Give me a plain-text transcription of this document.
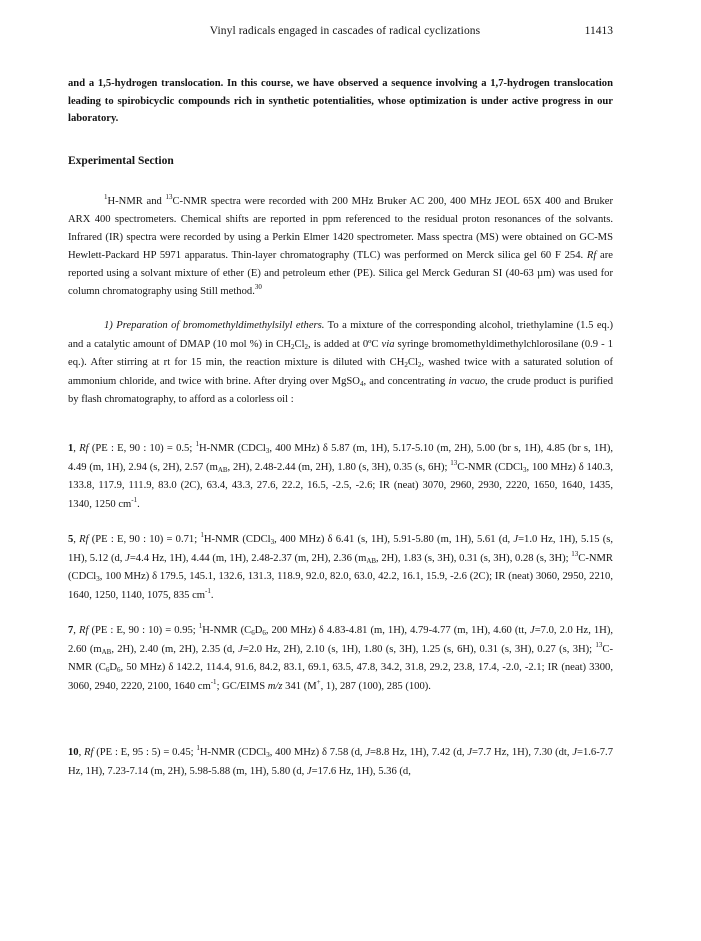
Vinyl radicals engaged in cascades of radical cyclizations	11413

and a 1,5-hydrogen translocation. In this course, we have observed a sequence involving a 1,7-hydrogen translocation leading to spirobicyclic compounds rich in synthetic potentialities, whose optimization is under active progress in our laboratory.

Experimental Section

$^1$H-NMR and $^{13}$C-NMR spectra were recorded with 200 MHz Bruker AC 200, 400 MHz JEOL 65X 400 and Bruker ARX 400 spectrometers. Chemical shifts are reported in ppm referenced to the residual proton resonances of the solvants. Infrared (IR) spectra were recorded by using a Perkin Elmer 1420 spectrometer. Mass spectra (MS) were obtained on GC-MS Hewlett-Packard HP 5971 apparatus. Thin-layer chromatography (TLC) was performed on Merck silica gel 60 F 254. Rf are reported using a solvant mixture of ether (E) and petroleum ether (PE). Silica gel Merck Geduran SI (40-63 µm) was used for column chromatography using Still method.$^{30}$

1) Preparation of bromomethyldimethylsilyl ethers. To a mixture of the corresponding alcohol, triethylamine (1.5 eq.) and a catalytic amount of DMAP (10 mol %) in $CH_2Cl_2$, is added at 0ºC via syringe bromomethyldimethylchlorosilane (0.9 - 1 eq.). After stirring at rt for 15 min, the reaction mixture is diluted with $CH_2Cl_2$, washed twice with a saturated solution of ammonium chloride, and twice with brine. After drying over MgSO$_4$, and concentrating in vacuo, the crude product is purified by flash chromatography, to afford as a colorless oil :

1, Rf (PE : E, 90 : 10) = 0.5; $^1$H-NMR (CDCl$_3$, 400 MHz) δ 5.87 (m, 1H), 5.17-5.10 (m, 2H), 5.00 (br s, 1H), 4.85 (br s, 1H), 4.49 (m, 1H), 2.94 (s, 2H), 2.57 ($m_{AB}$, 2H), 2.48-2.44 (m, 2H), 1.80 (s, 3H), 0.35 (s, 6H); $^{13}$C-NMR (CDCl$_3$, 100 MHz) δ 140.3, 133.8, 117.9, 111.9, 83.0 (2C), 63.4, 43.3, 27.6, 22.2, 16.5, -2.5, -2.6; IR (neat) 3070, 2960, 2930, 2220, 1650, 1640, 1435, 1340, 1250 $cm^{-1}$.

5, Rf (PE : E, 90 : 10) = 0.71; $^1$H-NMR (CDCl$_3$, 400 MHz) δ 6.41 (s, 1H), 5.91-5.80 (m, 1H), 5.61 (d, J=1.0 Hz, 1H), 5.15 (s, 1H), 5.12 (d, J=4.4 Hz, 1H), 4.44 (m, 1H), 2.48-2.37 (m, 2H), 2.36 ($m_{AB}$, 2H), 1.83 (s, 3H), 0.31 (s, 3H), 0.28 (s, 3H); $^{13}$C-NMR (CDCl$_3$, 100 MHz) δ 179.5, 145.1, 132.6, 131.3, 118.9, 92.0, 82.0, 63.0, 42.2, 16.1, 15.9, -2.6 (2C); IR (neat) 3060, 2950, 2210, 1640, 1250, 1140, 1075, 835 $cm^{-1}$.

7, Rf (PE : E, 90 : 10) = 0.95; $^1$H-NMR ($C_6D_6$, 200 MHz) δ 4.83-4.81 (m, 1H), 4.79-4.77 (m, 1H), 4.60 (tt, J=7.0, 2.0 Hz, 1H), 2.60 ($m_{AB}$, 2H), 2.40 (m, 2H), 2.35 (d, J=2.0 Hz, 2H), 2.10 (s, 1H), 1.80 (s, 3H), 1.25 (s, 6H), 0.31 (s, 3H), 0.27 (s, 3H); $^{13}$C-NMR ($C_6D_6$, 50 MHz) δ 142.2, 114.4, 91.6, 84.2, 83.1, 69.1, 63.5, 47.8, 34.2, 31.8, 29.2, 23.8, 17.4, -2.0, -2.1; IR (neat) 3300, 3060, 2940, 2220, 2100, 1640 $cm^{-1}$; GC/EIMS m/z 341 (M+, 1), 287 (100), 285 (100).

10, Rf (PE : E, 95 : 5) = 0.45; $^1$H-NMR (CDCl$_3$, 400 MHz) δ 7.58 (d, J=8.8 Hz, 1H), 7.42 (d, J=7.7 Hz, 1H), 7.30 (dt, J=1.6-7.7 Hz, 1H), 7.23-7.14 (m, 2H), 5.98-5.88 (m, 1H), 5.80 (d, J=17.6 Hz, 1H), 5.36 (d,
